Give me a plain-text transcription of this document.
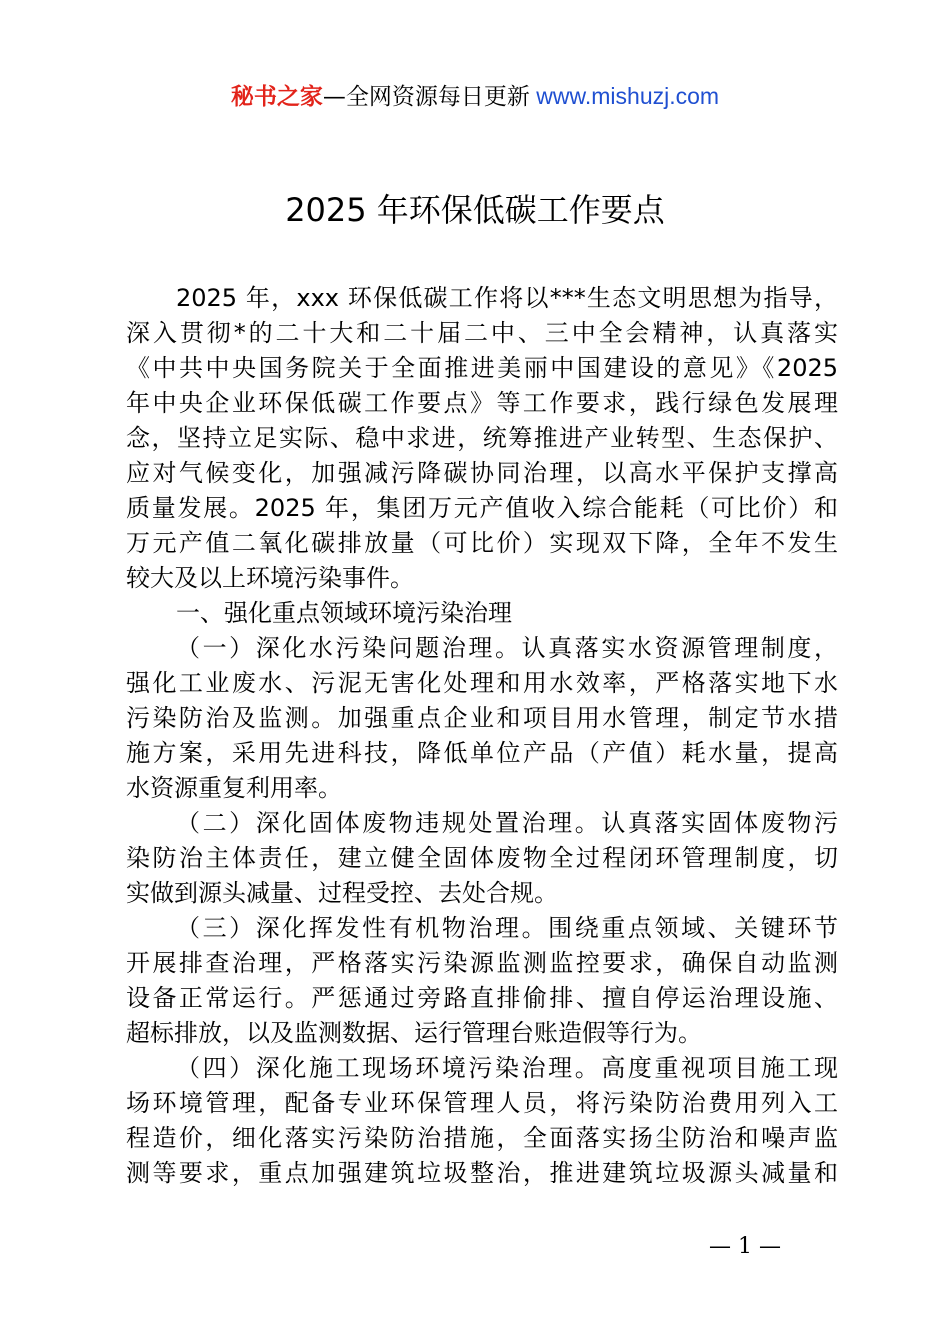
秘书之家—全网资源每日更新 www.mishuzj.com
2025 年环保低碳工作要点
2025 年，xxx 环保低碳工作将以***生态文明思想为指导，
深入贯彻*的二十大和二十届二中、三中全会精神，认真落实
《中共中央国务院关于全面推进美丽中国建设的意见》《2025
年中央企业环保低碳工作要点》等工作要求，践行绿色发展理
念，坚持立足实际、稳中求进，统筹推进产业转型、生态保护、
应对气候变化，加强减污降碳协同治理，以高水平保护支撑高
质量发展。2025 年，集团万元产值收入综合能耗（可比价）和
万元产值二氧化碳排放量（可比价）实现双下降，全年不发生
较大及以上环境污染事件。
一、强化重点领域环境污染治理
（一）深化水污染问题治理。认真落实水资源管理制度，
强化工业废水、污泥无害化处理和用水效率，严格落实地下水
污染防治及监测。加强重点企业和项目用水管理，制定节水措
施方案，采用先进科技，降低单位产品（产值）耗水量，提高
水资源重复利用率。
（二）深化固体废物违规处置治理。认真落实固体废物污
染防治主体责任，建立健全固体废物全过程闭环管理制度，切
实做到源头减量、过程受控、去处合规。
（三）深化挥发性有机物治理。围绕重点领域、关键环节
开展排查治理，严格落实污染源监测监控要求，确保自动监测
设备正常运行。严惩通过旁路直排偷排、擅自停运治理设施、
超标排放，以及监测数据、运行管理台账造假等行为。
（四）深化施工现场环境污染治理。高度重视项目施工现
场环境管理，配备专业环保管理人员，将污染防治费用列入工
程造价，细化落实污染防治措施，全面落实扬尘防治和噪声监
测等要求，重点加强建筑垃圾整治，推进建筑垃圾源头减量和
— 1 —
